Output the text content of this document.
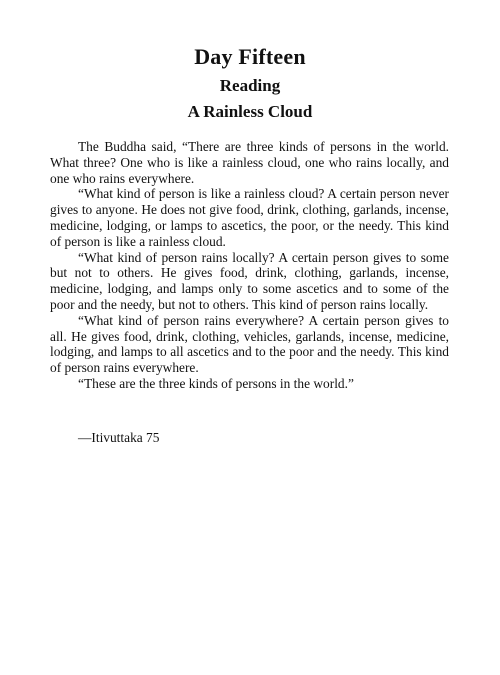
Day Fifteen
Reading
A Rainless Cloud

The Buddha said, “There are three kinds of persons in the world. What three? One who is like a rainless cloud, one who rains locally, and one who rains everywhere.

“What kind of person is like a rainless cloud? A certain person never gives to anyone. He does not give food, drink, clothing, garlands, incense, medicine, lodging, or lamps to ascetics, the poor, or the needy. This kind of person is like a rainless cloud.

“What kind of person rains locally? A certain person gives to some but not to others. He gives food, drink, clothing, garlands, incense, medicine, lodging, and lamps only to some ascetics and to some of the poor and the needy, but not to others. This kind of person rains locally.

“What kind of person rains everywhere? A certain person gives to all. He gives food, drink, clothing, vehicles, garlands, incense, medicine, lodging, and lamps to all ascetics and to the poor and the needy. This kind of person rains everywhere.

“These are the three kinds of persons in the world.”

—Itivuttaka 75
